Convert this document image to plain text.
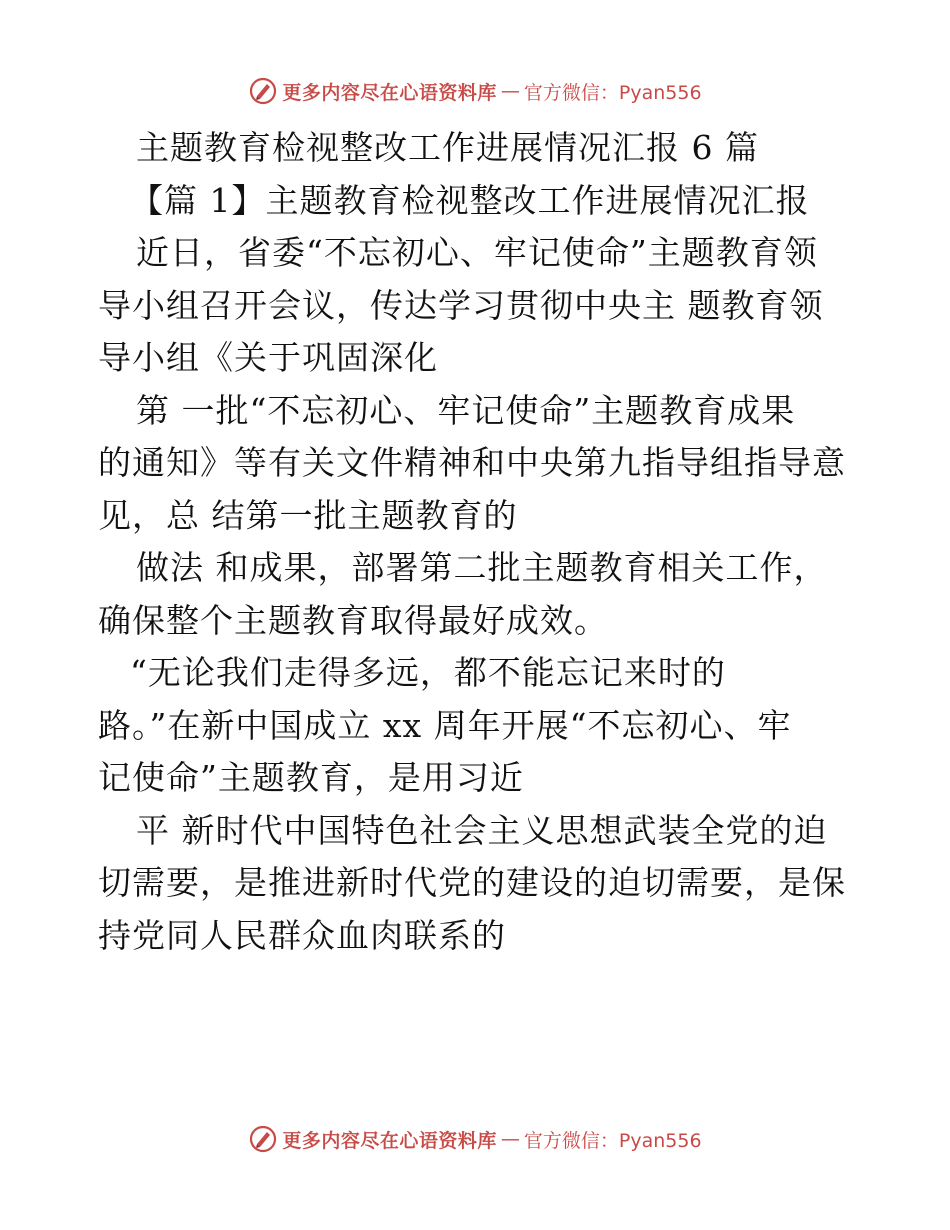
更多内容尽在心语资料库 — 官方微信：Pyan556
主题教育检视整改工作进展情况汇报 6 篇
【篇 1】主题教育检视整改工作进展情况汇报
近日，省委“不忘初心、牢记使命”主题教育领
导小组召开会议，传达学习贯彻中央主 题教育领
导小组《关于巩固深化
第 一批“不忘初心、牢记使命”主题教育成果
的通知》等有关文件精神和中央第九指导组指导意
见，总 结第一批主题教育的
做法 和成果，部署第二批主题教育相关工作，
确保整个主题教育取得最好成效。
“无论我们走得多远，都不能忘记来时的
路。”在新中国成立 xx 周年开展“不忘初心、牢
记使命”主题教育，是用习近
平 新时代中国特色社会主义思想武装全党的迫
切需要，是推进新时代党的建设的迫切需要，是保
持党同人民群众血肉联系的
更多内容尽在心语资料库 — 官方微信：Pyan556
